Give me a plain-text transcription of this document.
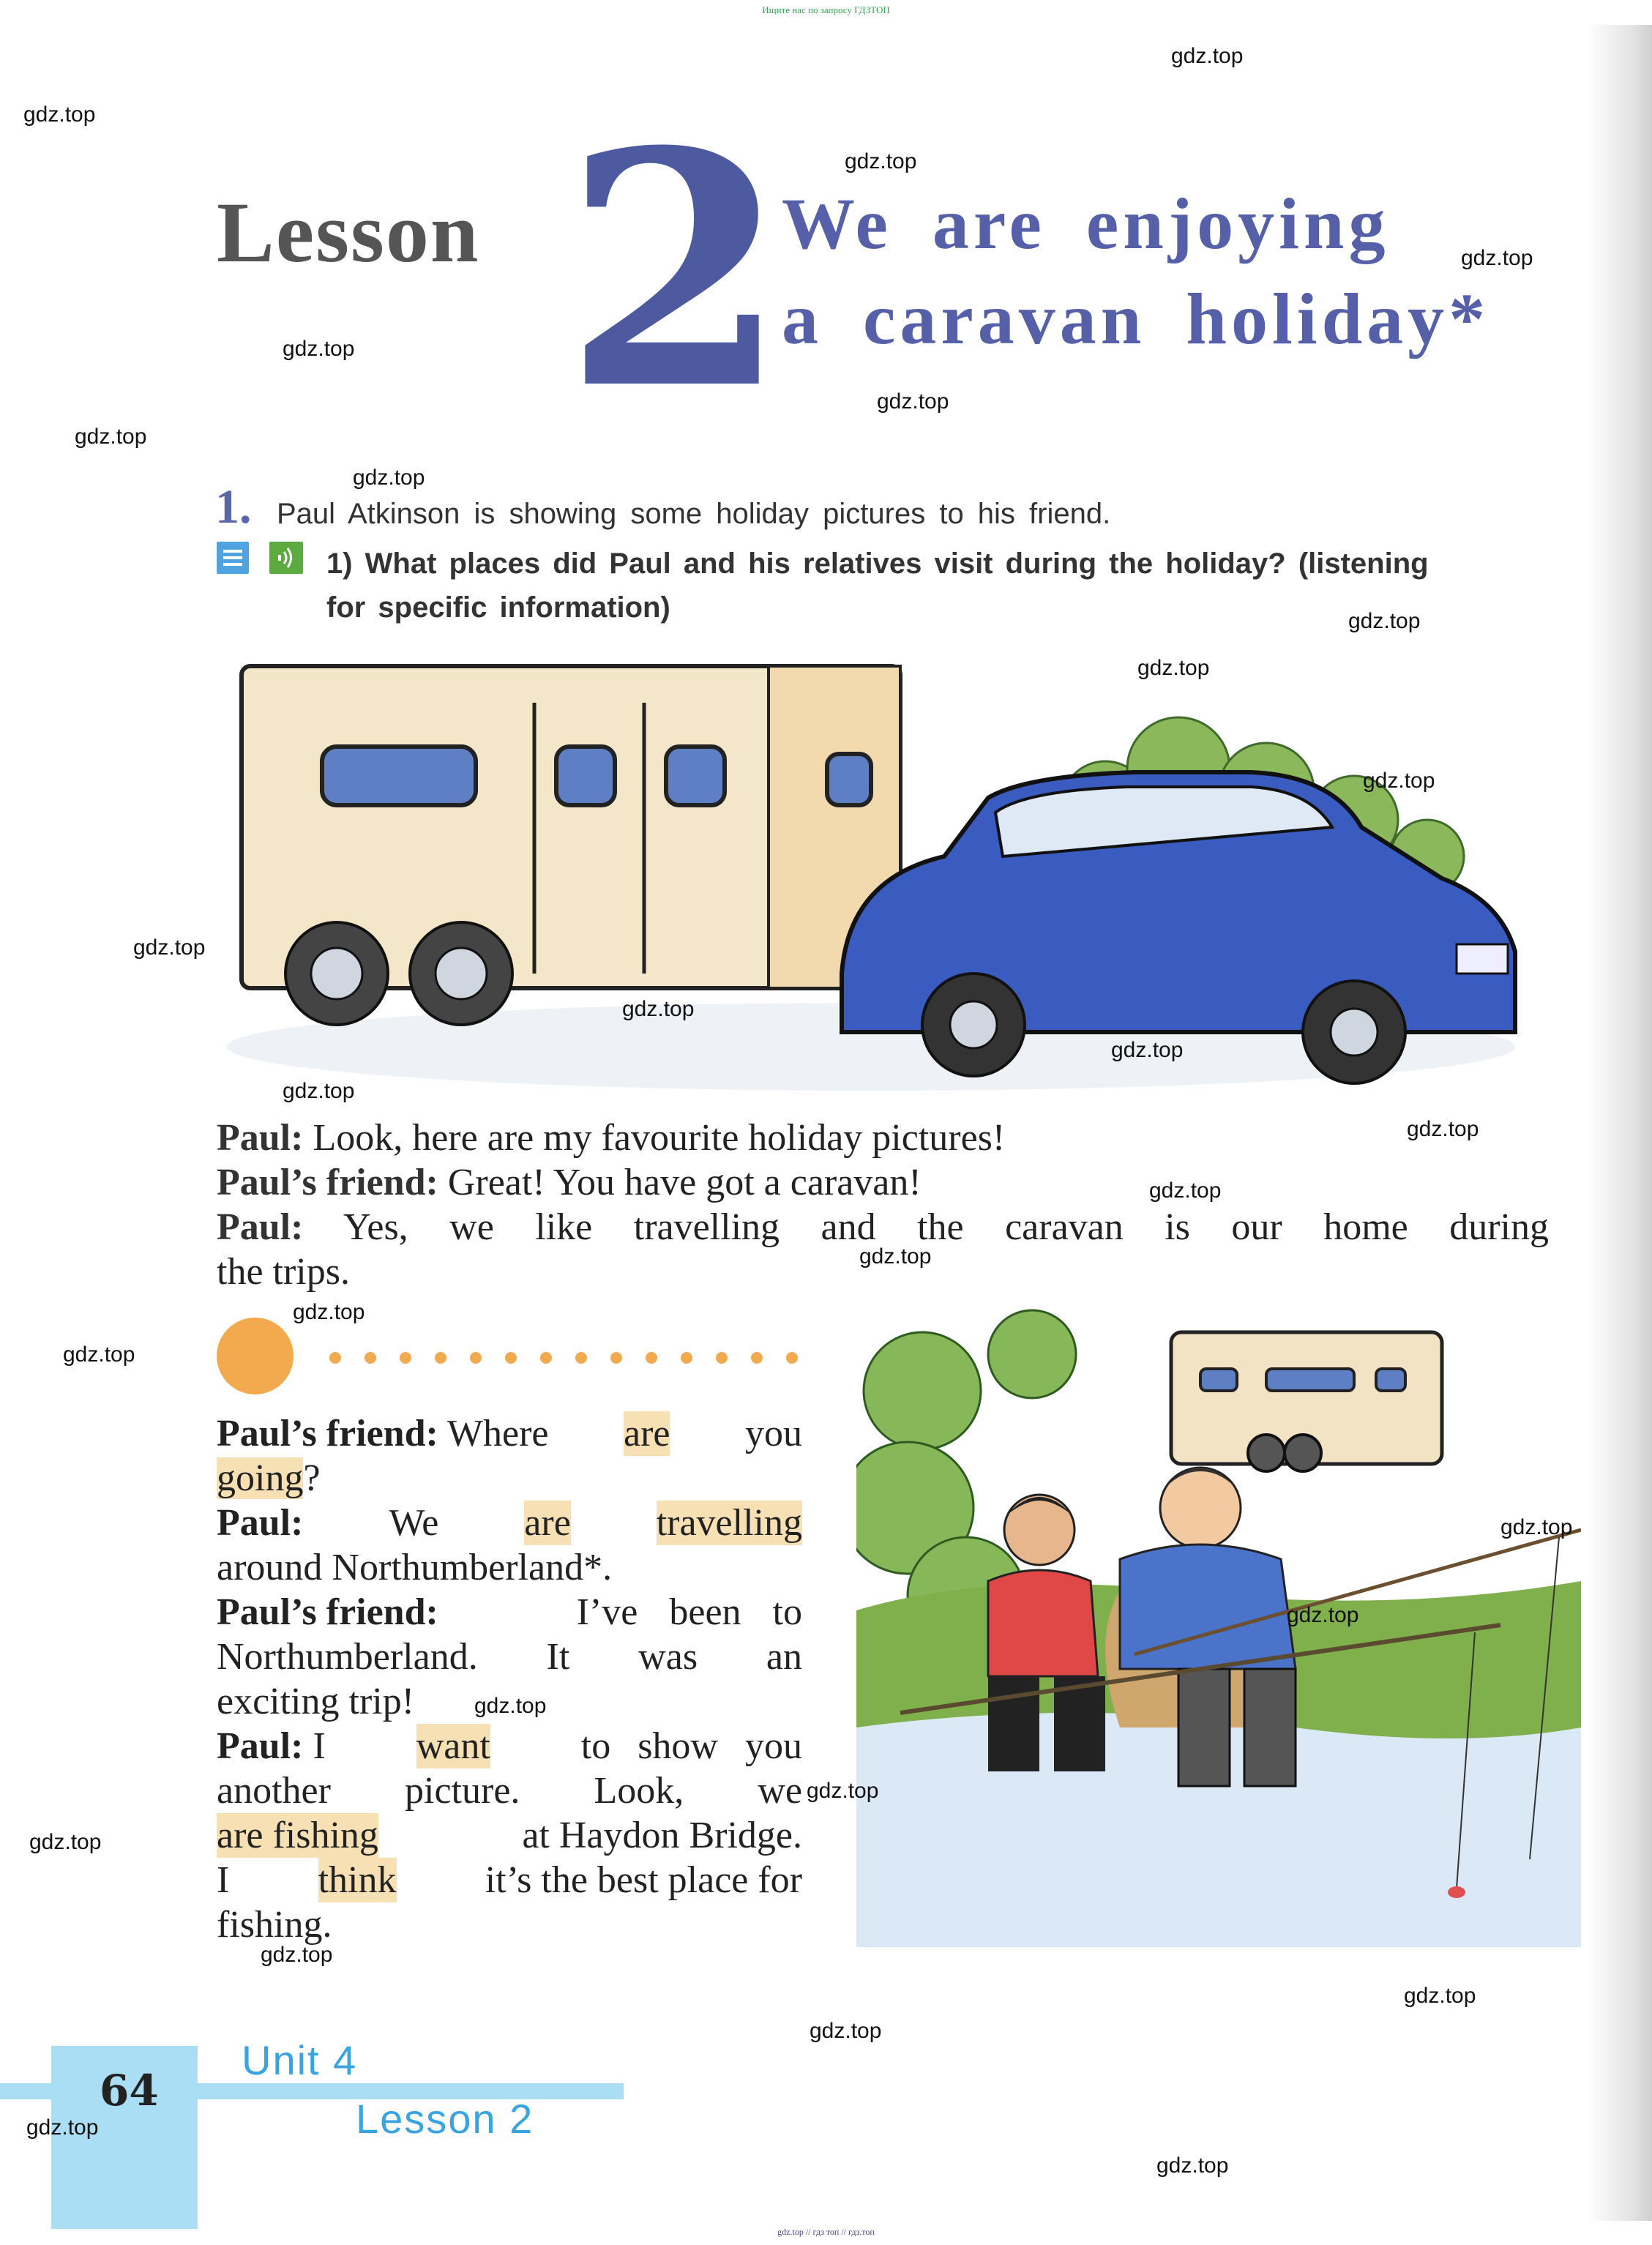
Ищите нас по запросу ГДЗТОП
Lesson 2
We are enjoying
a caravan holiday*
1. Paul Atkinson is showing some holiday pictures to his friend.
1) What places did Paul and his relatives visit during the holiday? (listening
for specific information)
Paul: Look, here are my favourite holiday pictures!
Paul’s friend: Great! You have got a caravan!
Paul: Yes, we like travelling and the caravan is our home during
the trips.
Paul’s friend: Where are you
going?
Paul: We are travelling
around Northumberland*.
Paul’s friend:	I’ve been to
Northumberland. It was an
exciting trip!
Paul: I want to show you
another picture. Look, we
are fishing	at Haydon Bridge.
I think it’s the best place for
fishing.
64
Unit 4
Lesson 2
gdz.top
gdz.top
gdz.top
gdz.top
gdz.top
gdz.top
gdz.top
gdz.top
gdz.top
gdz.top
gdz.top
gdz.top
gdz.top
gdz.top
gdz.top
gdz.top
gdz.top
gdz.top
gdz.top
gdz.top
gdz.top
gdz.top
gdz.top
gdz.top
gdz.top
gdz.top
gdz.top
gdz.top
gdz.top
gdz.top
gdz.top // гдз топ // гдз.топ
